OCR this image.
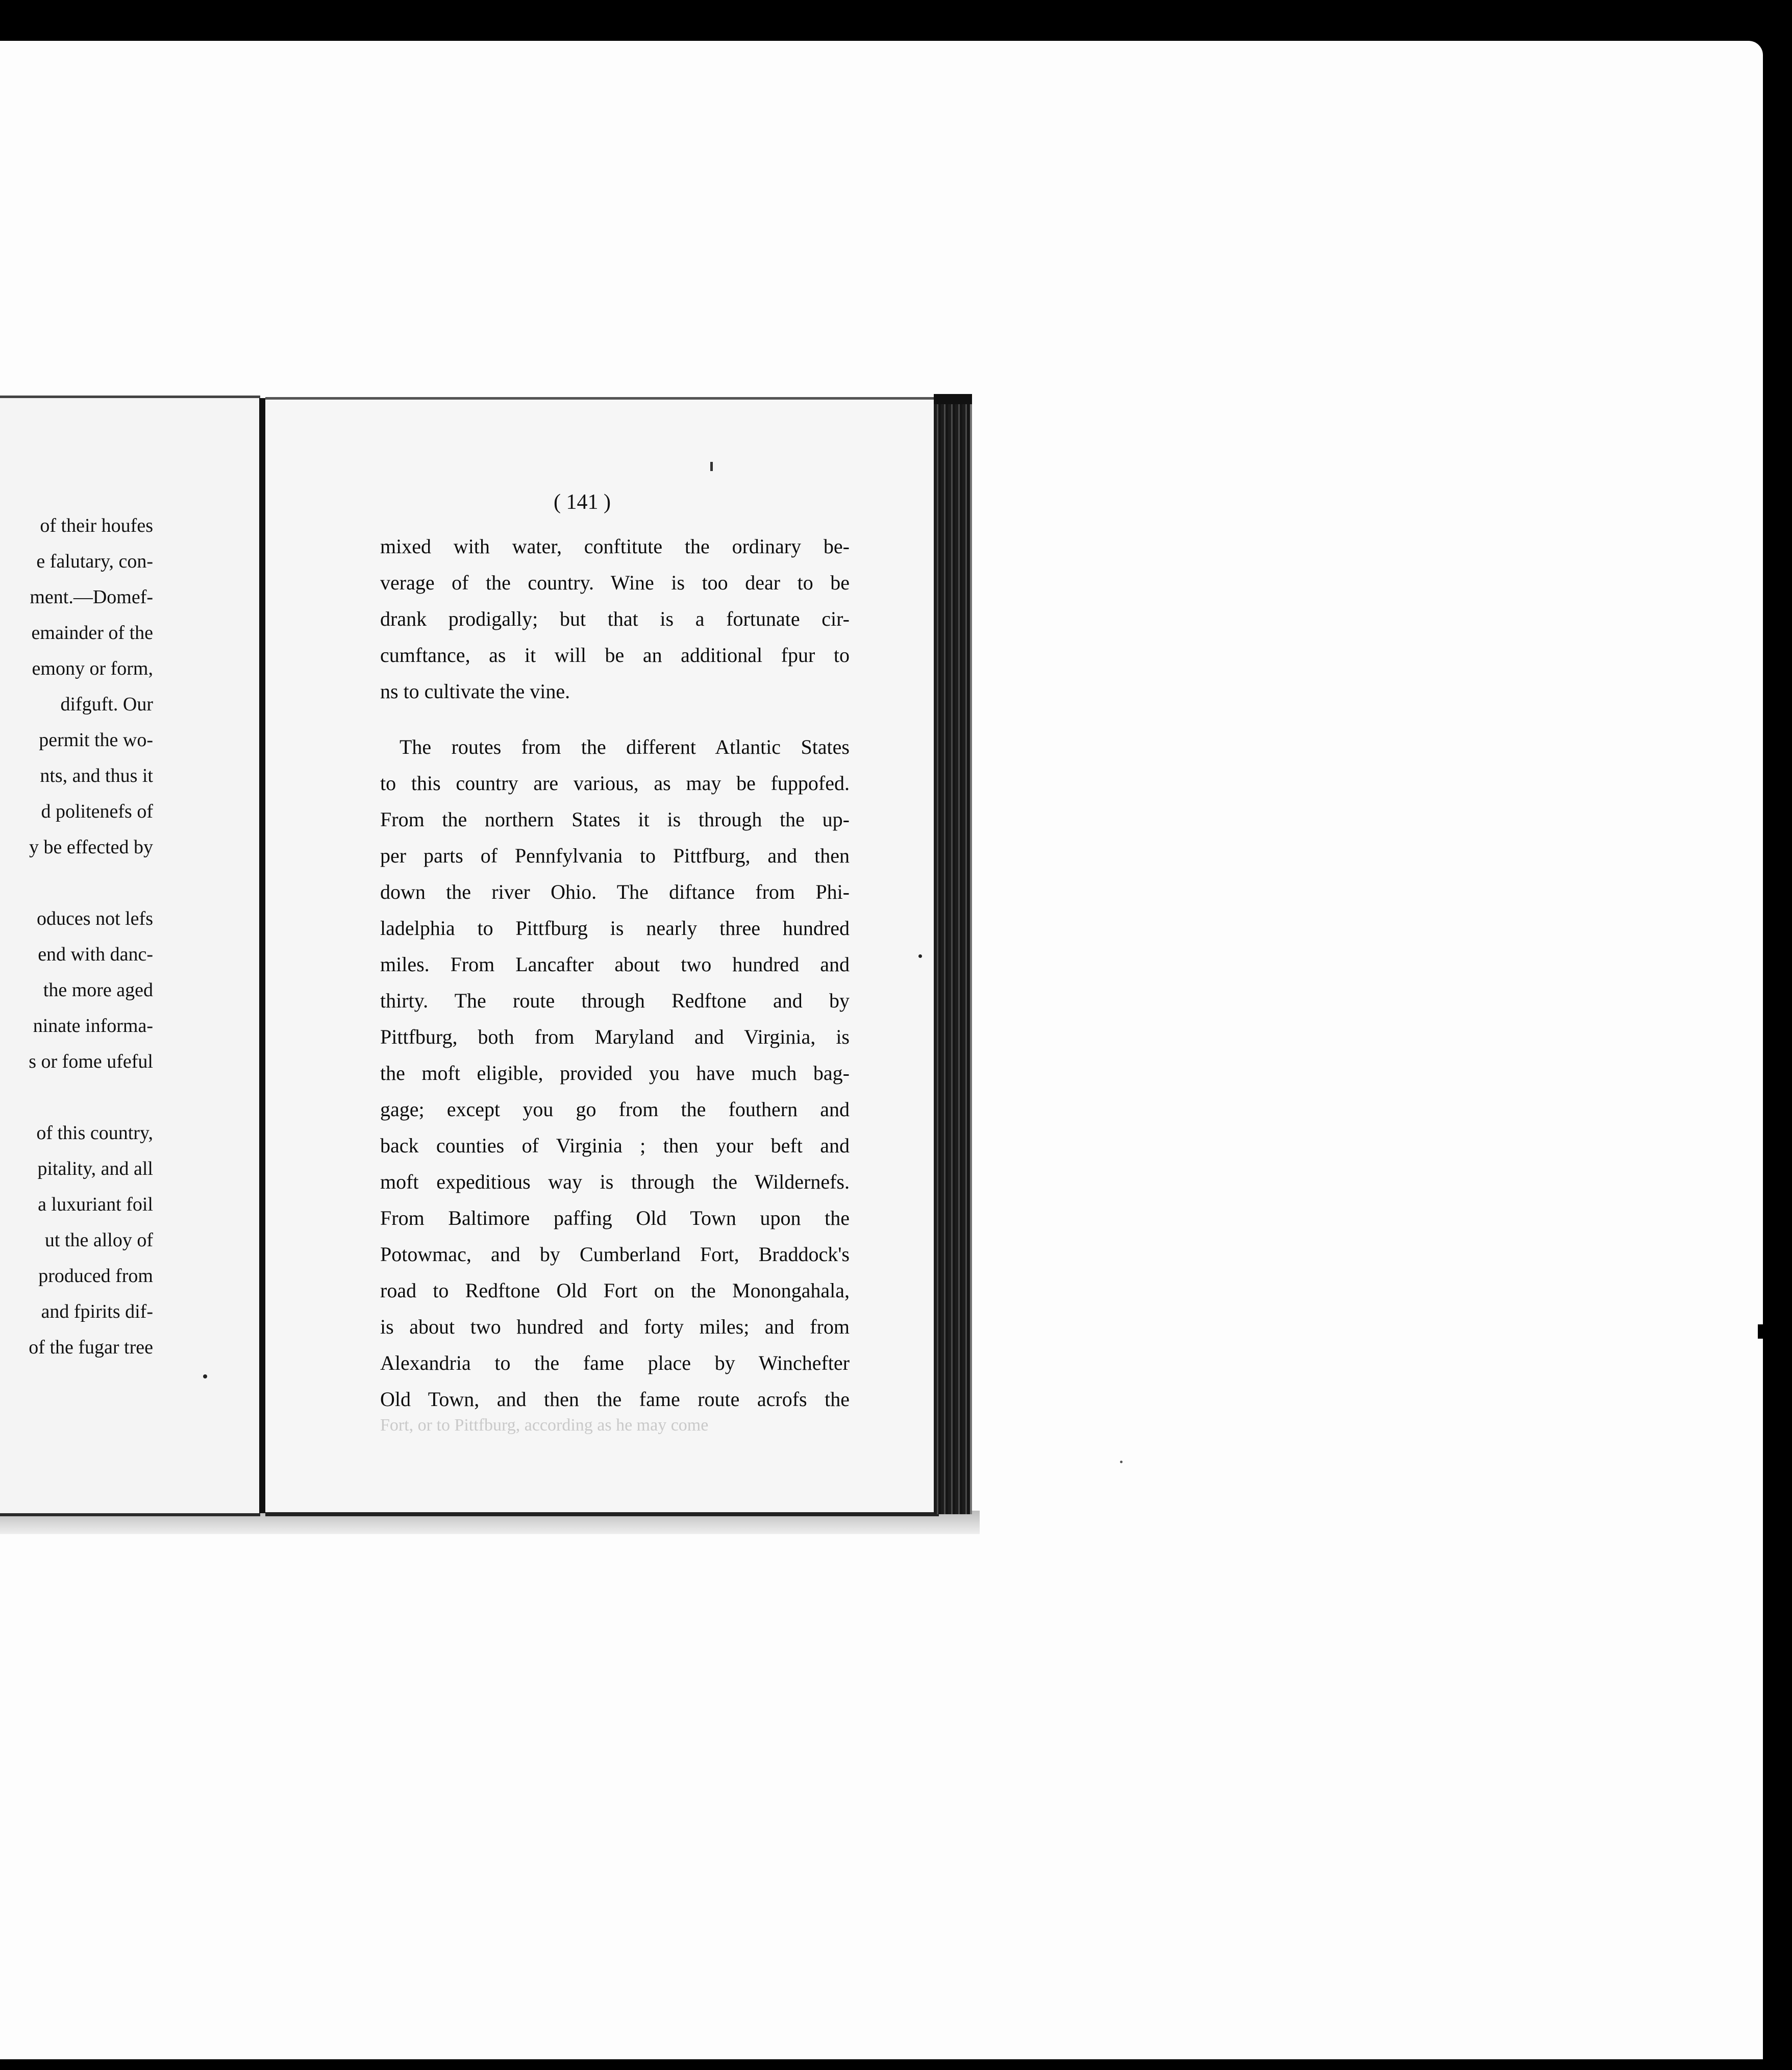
of their houfes
e falutary, con-
ment.—Domef-
emainder of the
emony or form,
difguft. Our
permit the wo-
nts, and thus it
d politenefs of
y be effected by
oduces not lefs
end with danc-
the more aged
ninate informa-
s or fome ufeful
of this country,
pitality, and all
a luxuriant foil
ut the alloy of
produced from
and fpirits dif-
of the fugar tree
( 141 )
mixed with water, conftitute the ordinary be-
verage of the country. Wine is too dear to be
drank prodigally; but that is a fortunate cir-
cumftance, as it will be an additional fpur to
ns to cultivate the vine.
The routes from the different Atlantic States
to this country are various, as may be fuppofed.
From the northern States it is through the up-
per parts of Pennfylvania to Pittfburg, and then
down the river Ohio. The diftance from Phi-
ladelphia to Pittfburg is nearly three hundred
miles. From Lancafter about two hundred and
thirty. The route through Redftone and by
Pittfburg, both from Maryland and Virginia, is
the moft eligible, provided you have much bag-
gage; except you go from the fouthern and
back counties of Virginia ; then your beft and
moft expeditious way is through the Wildernefs.
From Baltimore paffing Old Town upon the
Potowmac, and by Cumberland Fort, Braddock's
road to Redftone Old Fort on the Monongahala,
is about two hundred and forty miles; and from
Alexandria to the fame place by Winchefter
Old Town, and then the fame route acrofs the
Fort, or to Pittfburg, according as he may come
